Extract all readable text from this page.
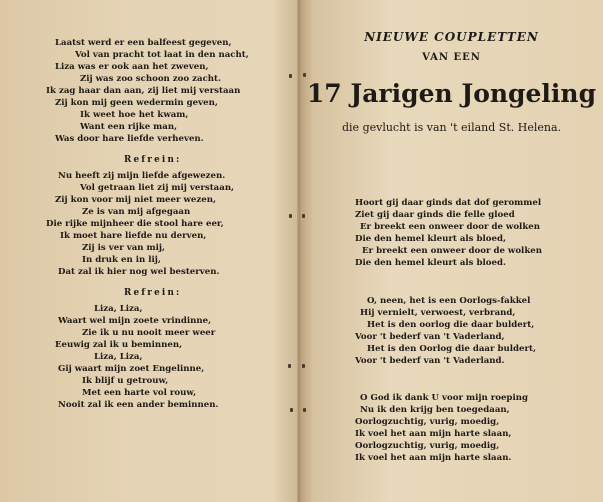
Laatst werd er een balfeest gegeven,
Vol van pracht tot laat in den nacht,
Liza was er ook aan het zweven,
Zij was zoo schoon zoo zacht.
Ik zag haar dan aan, zij liet mij verstaan
Zij kon mij geen wedermin geven,
Ik weet hoe het kwam,
Want een rijke man,
Was door hare liefde verheven.
Refrein:
Nu heeft zij mijn liefde afgewezen.
Vol getraan liet zij mij verstaan,
Zij kon voor mij niet meer wezen,
Ze is van mij afgegaan
Die rijke mijnheer die stool hare eer,
Ik moet hare liefde nu derven,
Zij is ver van mij,
In druk en in lij,
Dat zal ik hier nog wel besterven.
Refrein:
Liza, Liza,
Waart wel mijn zoete vrindinne,
Zie ik u nu nooit meer weer
Eeuwig zal ik u beminnen,
Liza, Liza,
Gij waart mijn zoet Engelinne,
Ik blijf u getrouw,
Met een harte vol rouw,
Nooit zal ik een ander beminnen.
NIEUWE COUPLETTEN
VAN EEN
17 Jarigen Jongeling
die gevlucht is van 't eiland St. Helena.
Hoort gij daar ginds dat dof gerommel
Ziet gij daar ginds die felle gloed
Er breekt een onweer door de wolken
Die den hemel kleurt als bloed,
Er breekt een onweer door de wolken
Die den hemel kleurt als bloed.
O, neen, het is een Oorlogs-fakkel
Hij vernielt, verwoest, verbrand,
Het is den oorlog die daar buldert,
Voor 't bederf van 't Vaderland,
Het is den Oorlog die daar buldert,
Voor 't bederf van 't Vaderland.
O God ik dank U voor mijn roeping
Nu ik den krijg ben toegedaan,
Oorlogzuchtig, vurig, moedig,
Ik voel het aan mijn harte slaan,
Oorlogzuchtig, vurig, moedig,
Ik voel het aan mijn harte slaan.
